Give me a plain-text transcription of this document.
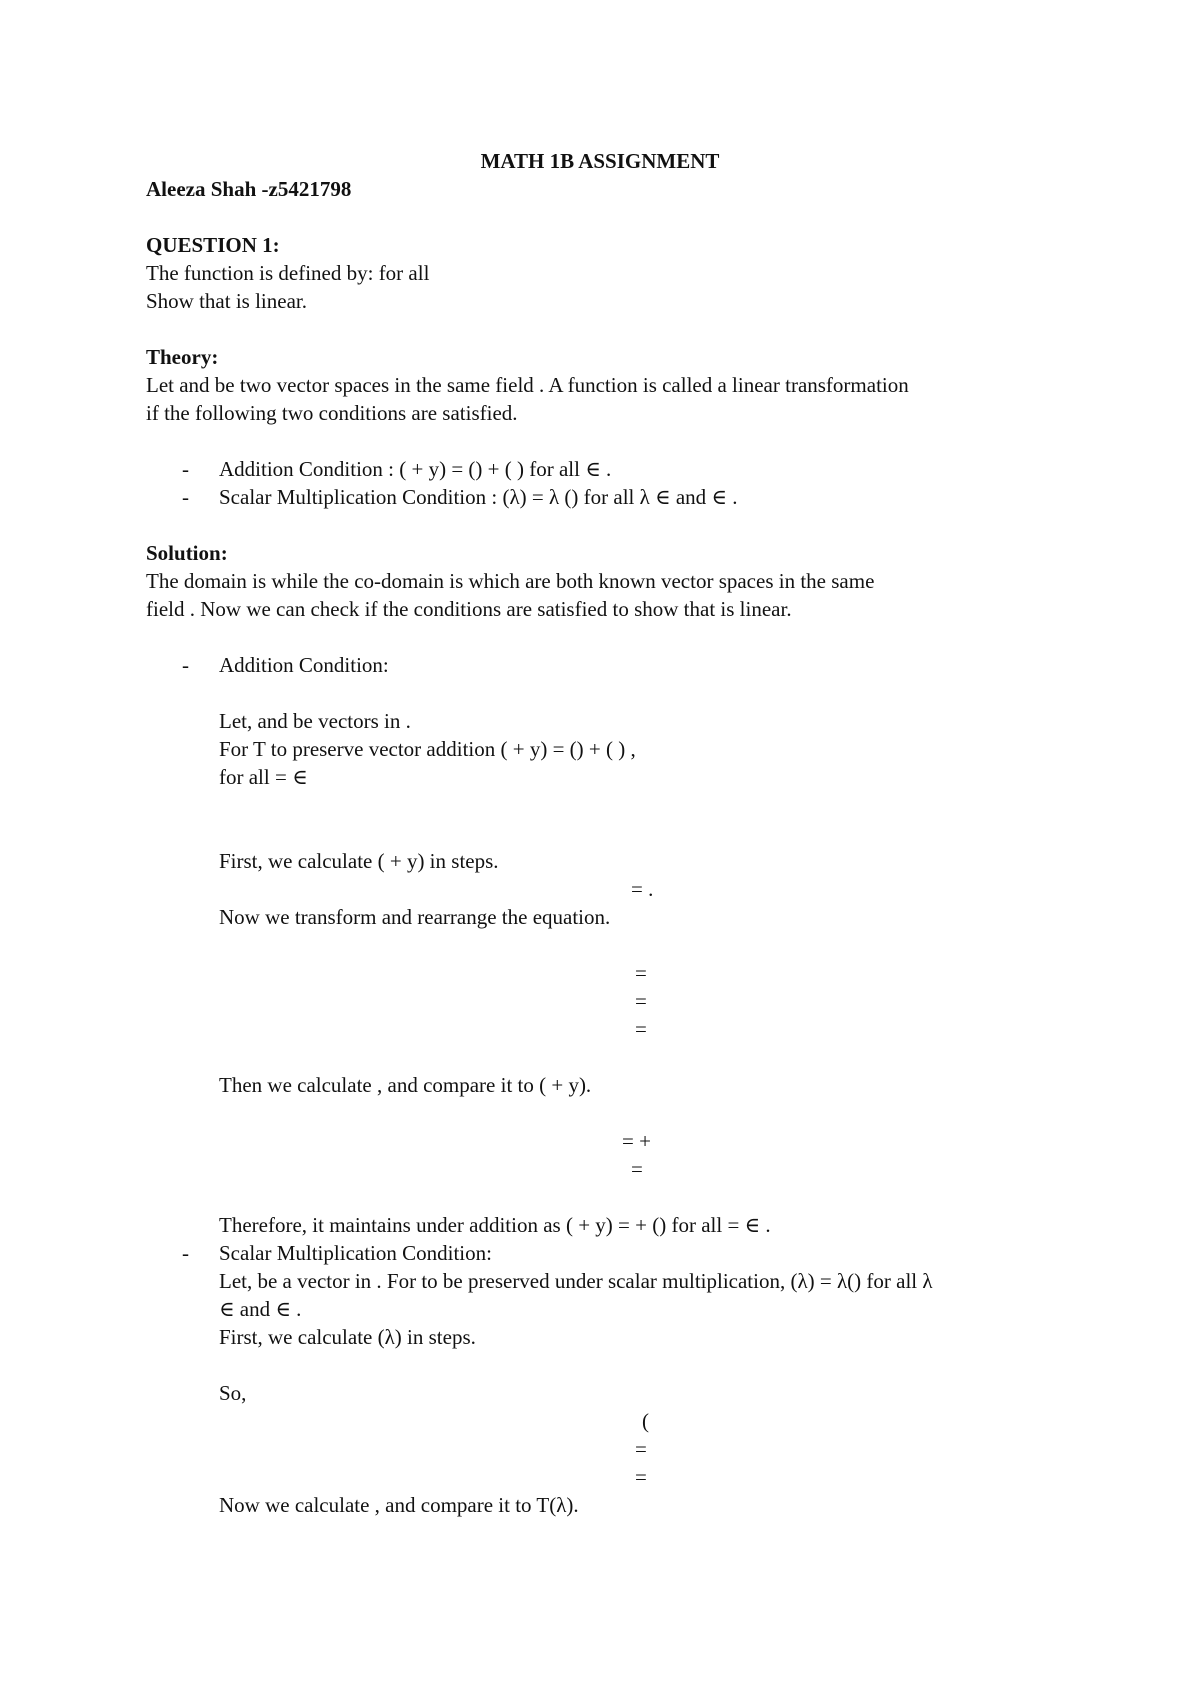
MATH 1B ASSIGNMENT
Aleeza Shah -z5421798
QUESTION 1:
The function is defined by: for all
Show that is linear.
Theory:
Let and be two vector spaces in the same field . A function is called a linear transformation
if the following two conditions are satisfied.
- Addition Condition : ( + y) = () + ( ) for all ∈ .
- Scalar Multiplication Condition : (λ) = λ () for all λ ∈ and ∈ .
Solution:
The domain is while the co-domain is which are both known vector spaces in the same
field . Now we can check if the conditions are satisfied to show that is linear.
- Addition Condition:
Let, and be vectors in .
For T to preserve vector addition ( + y) = () + ( ) ,
for all = ∈
First, we calculate ( + y) in steps.
= .
Now we transform and rearrange the equation.
=
=
=
Then we calculate , and compare it to ( + y).
= +
=
Therefore, it maintains under addition as ( + y) = + () for all = ∈ .
- Scalar Multiplication Condition:
Let, be a vector in . For to be preserved under scalar multiplication, (λ) = λ() for all λ
∈ and ∈ .
First, we calculate (λ) in steps.
So,
(
=
=
Now we calculate , and compare it to T(λ).
